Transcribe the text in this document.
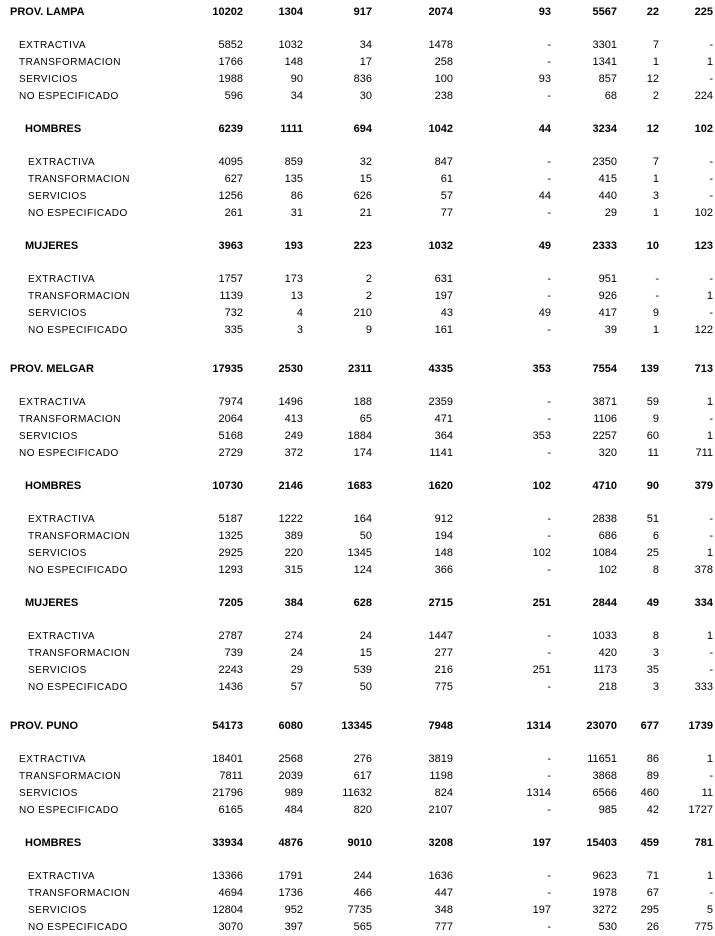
PROV. LAMPA	10202	1304	917	2074	93	5567	22	225
EXTRACTIVA	5852	1032	34	1478	-	3301	7	-
TRANSFORMACION	1766	148	17	258	-	1341	1	1
SERVICIOS	1988	90	836	100	93	857	12	-
NO ESPECIFICADO	596	34	30	238	-	68	2	224
HOMBRES	6239	1111	694	1042	44	3234	12	102
EXTRACTIVA	4095	859	32	847	-	2350	7	-
TRANSFORMACION	627	135	15	61	-	415	1	-
SERVICIOS	1256	86	626	57	44	440	3	-
NO ESPECIFICADO	261	31	21	77	-	29	1	102
MUJERES	3963	193	223	1032	49	2333	10	123
EXTRACTIVA	1757	173	2	631	-	951	-	-
TRANSFORMACION	1139	13	2	197	-	926	-	1
SERVICIOS	732	4	210	43	49	417	9	-
NO ESPECIFICADO	335	3	9	161	-	39	1	122
PROV. MELGAR	17935	2530	2311	4335	353	7554	139	713
EXTRACTIVA	7974	1496	188	2359	-	3871	59	1
TRANSFORMACION	2064	413	65	471	-	1106	9	-
SERVICIOS	5168	249	1884	364	353	2257	60	1
NO ESPECIFICADO	2729	372	174	1141	-	320	11	711
HOMBRES	10730	2146	1683	1620	102	4710	90	379
EXTRACTIVA	5187	1222	164	912	-	2838	51	-
TRANSFORMACION	1325	389	50	194	-	686	6	-
SERVICIOS	2925	220	1345	148	102	1084	25	1
NO ESPECIFICADO	1293	315	124	366	-	102	8	378
MUJERES	7205	384	628	2715	251	2844	49	334
EXTRACTIVA	2787	274	24	1447	-	1033	8	1
TRANSFORMACION	739	24	15	277	-	420	3	-
SERVICIOS	2243	29	539	216	251	1173	35	-
NO ESPECIFICADO	1436	57	50	775	-	218	3	333
PROV. PUNO	54173	6080	13345	7948	1314	23070	677	1739
EXTRACTIVA	18401	2568	276	3819	-	11651	86	1
TRANSFORMACION	7811	2039	617	1198	-	3868	89	-
SERVICIOS	21796	989	11632	824	1314	6566	460	11
NO ESPECIFICADO	6165	484	820	2107	-	985	42	1727
HOMBRES	33934	4876	9010	3208	197	15403	459	781
EXTRACTIVA	13366	1791	244	1636	-	9623	71	1
TRANSFORMACION	4694	1736	466	447	-	1978	67	-
SERVICIOS	12804	952	7735	348	197	3272	295	5
NO ESPECIFICADO	3070	397	565	777	-	530	26	775
